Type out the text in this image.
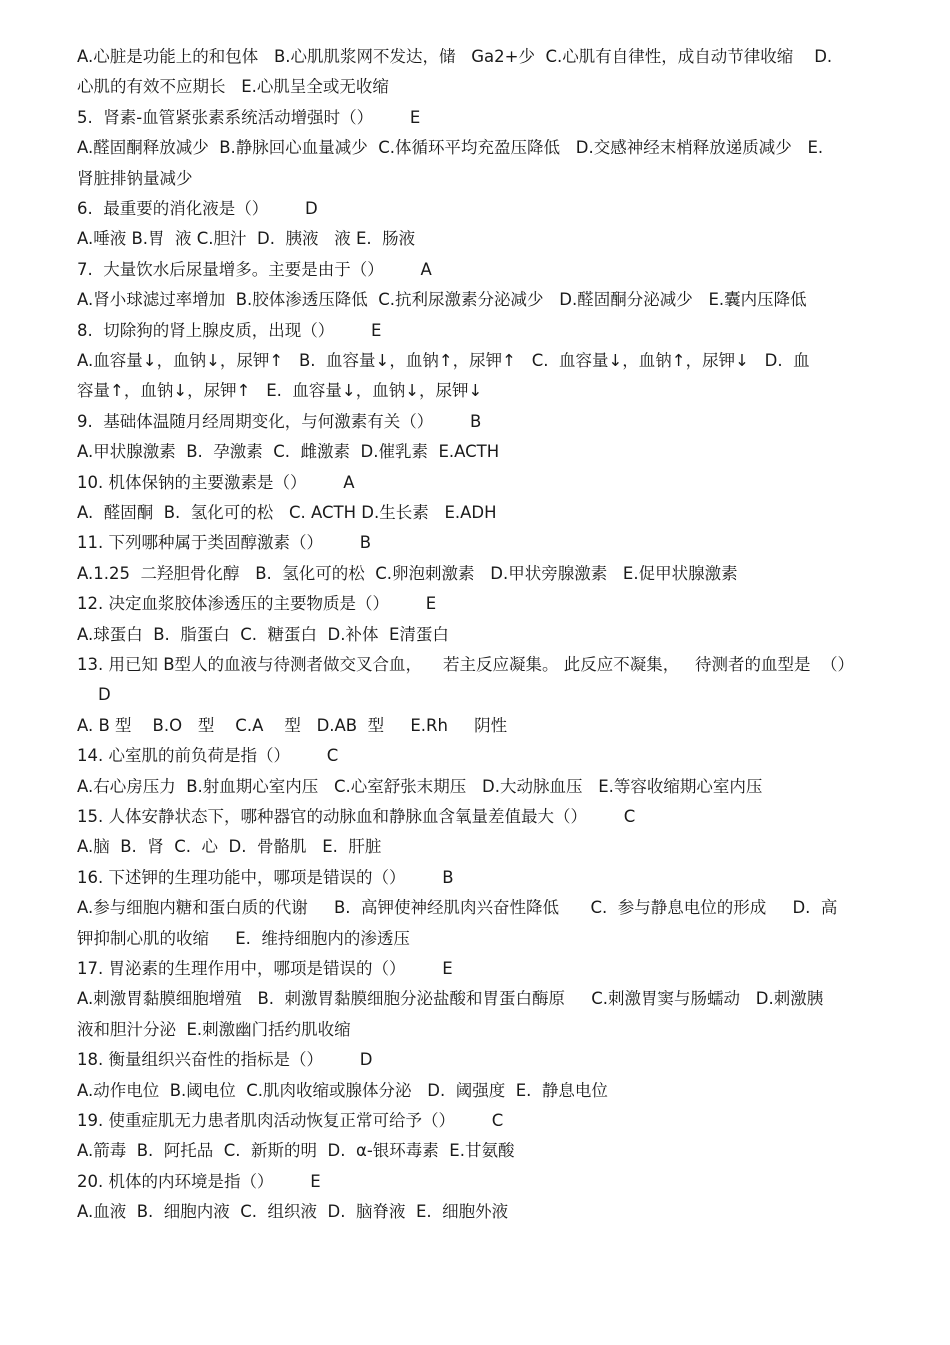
A.心脏是功能上的和包体   B.心肌肌浆网不发达，储   Ga2+少  C.心肌有自律性，成自动节律收缩    D.
心肌的有效不应期长   E.心肌呈全或无收缩
5.  肾素-血管紧张素系统活动增强时（）       E
A.醛固酮释放减少  B.静脉回心血量减少  C.体循环平均充盈压降低   D.交感神经末梢释放递质减少   E.
肾脏排钠量减少
6.  最重要的消化液是（）       D
A.唾液 B.胃  液 C.胆汁  D.  胰液   液 E.  肠液
7.  大量饮水后尿量增多。主要是由于（）       A
A.肾小球滤过率增加  B.胶体渗透压降低  C.抗利尿激素分泌减少   D.醛固酮分泌减少   E.囊内压降低
8.  切除狗的肾上腺皮质，出现（）       E
A.血容量↓，血钠↓，尿钾↑   B.  血容量↓，血钠↑，尿钾↑   C.  血容量↓，血钠↑，尿钾↓   D.  血
容量↑，血钠↓，尿钾↑   E.  血容量↓，血钠↓，尿钾↓
9.  基础体温随月经周期变化，与何激素有关（）       B
A.甲状腺激素  B.  孕激素  C.  雌激素  D.催乳素  E.ACTH
10. 机体保钠的主要激素是（）       A
A.  醛固酮  B.  氢化可的松   C. ACTH D.生长素   E.ADH
11. 下列哪种属于类固醇激素（）       B
A.1.25  二羟胆骨化醇   B.  氢化可的松  C.卵泡刺激素   D.甲状旁腺激素   E.促甲状腺激素
12. 决定血浆胶体渗透压的主要物质是（）       E
A.球蛋白  B.  脂蛋白  C.  糖蛋白  D.补体  E清蛋白
13. 用已知 B型人的血液与待测者做交叉合血，    若主反应凝集。 此反应不凝集，   待测者的血型是  （）
D
A. B 型    B.O   型    C.A    型   D.AB  型     E.Rh     阴性
14. 心室肌的前负荷是指（）       C
A.右心房压力  B.射血期心室内压   C.心室舒张末期压   D.大动脉血压   E.等容收缩期心室内压
15. 人体安静状态下，哪种器官的动脉血和静脉血含氧量差值最大（）       C
A.脑  B.  肾  C.  心  D.  骨骼肌   E.  肝脏
16. 下述钾的生理功能中，哪项是错误的（）       B
A.参与细胞内糖和蛋白质的代谢     B.  高钾使神经肌肉兴奋性降低      C.  参与静息电位的形成     D.  高
钾抑制心肌的收缩     E.  维持细胞内的渗透压
17. 胃泌素的生理作用中，哪项是错误的（）       E
A.刺激胃黏膜细胞增殖   B.  刺激胃黏膜细胞分泌盐酸和胃蛋白酶原     C.刺激胃窦与肠蠕动   D.刺激胰
液和胆汁分泌  E.刺激幽门括约肌收缩
18. 衡量组织兴奋性的指标是（）       D
A.动作电位  B.阈电位  C.肌肉收缩或腺体分泌   D.  阈强度  E.  静息电位
19. 使重症肌无力患者肌肉活动恢复正常可给予（）       C
A.箭毒  B.  阿托品  C.  新斯的明  D.  α-银环毒素  E.甘氨酸
20. 机体的内环境是指（）       E
A.血液  B.  细胞内液  C.  组织液  D.  脑脊液  E.  细胞外液
